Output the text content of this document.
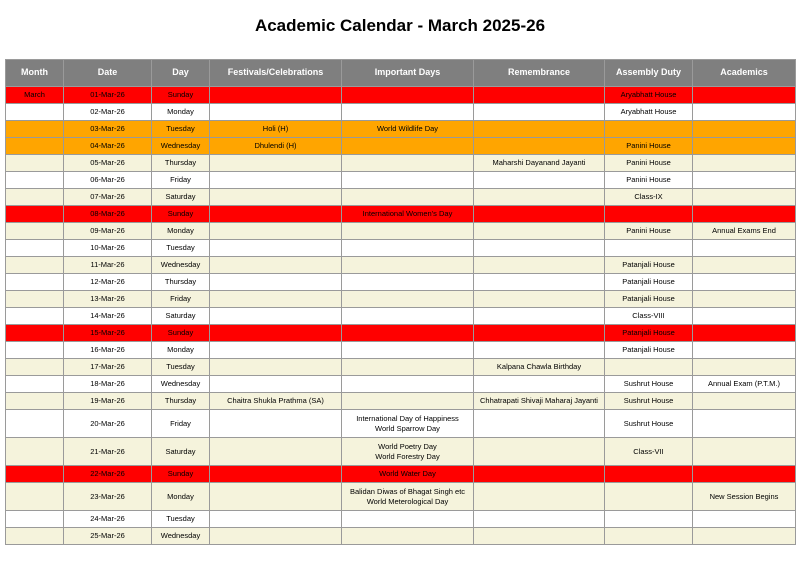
Academic Calendar - March 2025-26
Month	Date	Day	Festivals/Celebrations	Important Days	Remembrance	Assembly Duty	Academics
March	01-Mar-26	Sunday				Aryabhatt House	
	02-Mar-26	Monday				Aryabhatt House	
	03-Mar-26	Tuesday	Holi (H)	World Wildlife Day			

	04-Mar-26	Wednesday	Dhulendi (H)			Panini House	
	05-Mar-26	Thursday			Maharshi Dayanand Jayanti	Panini House	
	06-Mar-26	Friday				Panini House	
	07-Mar-26	Saturday				Class-IX	
	08-Mar-26	Sunday		International Women's Day			

	09-Mar-26	Monday				Panini House	Annual Exams End
	10-Mar-26	Tuesday					
	11-Mar-26	Wednesday				Patanjali House	
	12-Mar-26	Thursday				Patanjali House	
	13-Mar-26	Friday				Patanjali House	
	14-Mar-26	Saturday				Class-VIII	
	15-Mar-26	Sunday				Patanjali House	
	16-Mar-26	Monday				Patanjali House	
	17-Mar-26	Tuesday			Kalpana Chawla Birthday		
	18-Mar-26	Wednesday				Sushrut House	Annual Exam (P.T.M.)
	19-Mar-26	Thursday	Chaitra Shukla Prathma (SA)		Chhatrapati Shivaji Maharaj Jayanti	Sushrut House	
	20-Mar-26	Friday		International Day of Happiness
World Sparrow Day		Sushrut House	
	21-Mar-26	Saturday		World Poetry Day
World Forestry Day		Class-VII	
	22-Mar-26	Sunday		World Water Day			

	23-Mar-26	Monday		Balidan Diwas of Bhagat Singh etc
World Meterological Day			New Session Begins
	24-Mar-26	Tuesday					
	25-Mar-26	Wednesday					
